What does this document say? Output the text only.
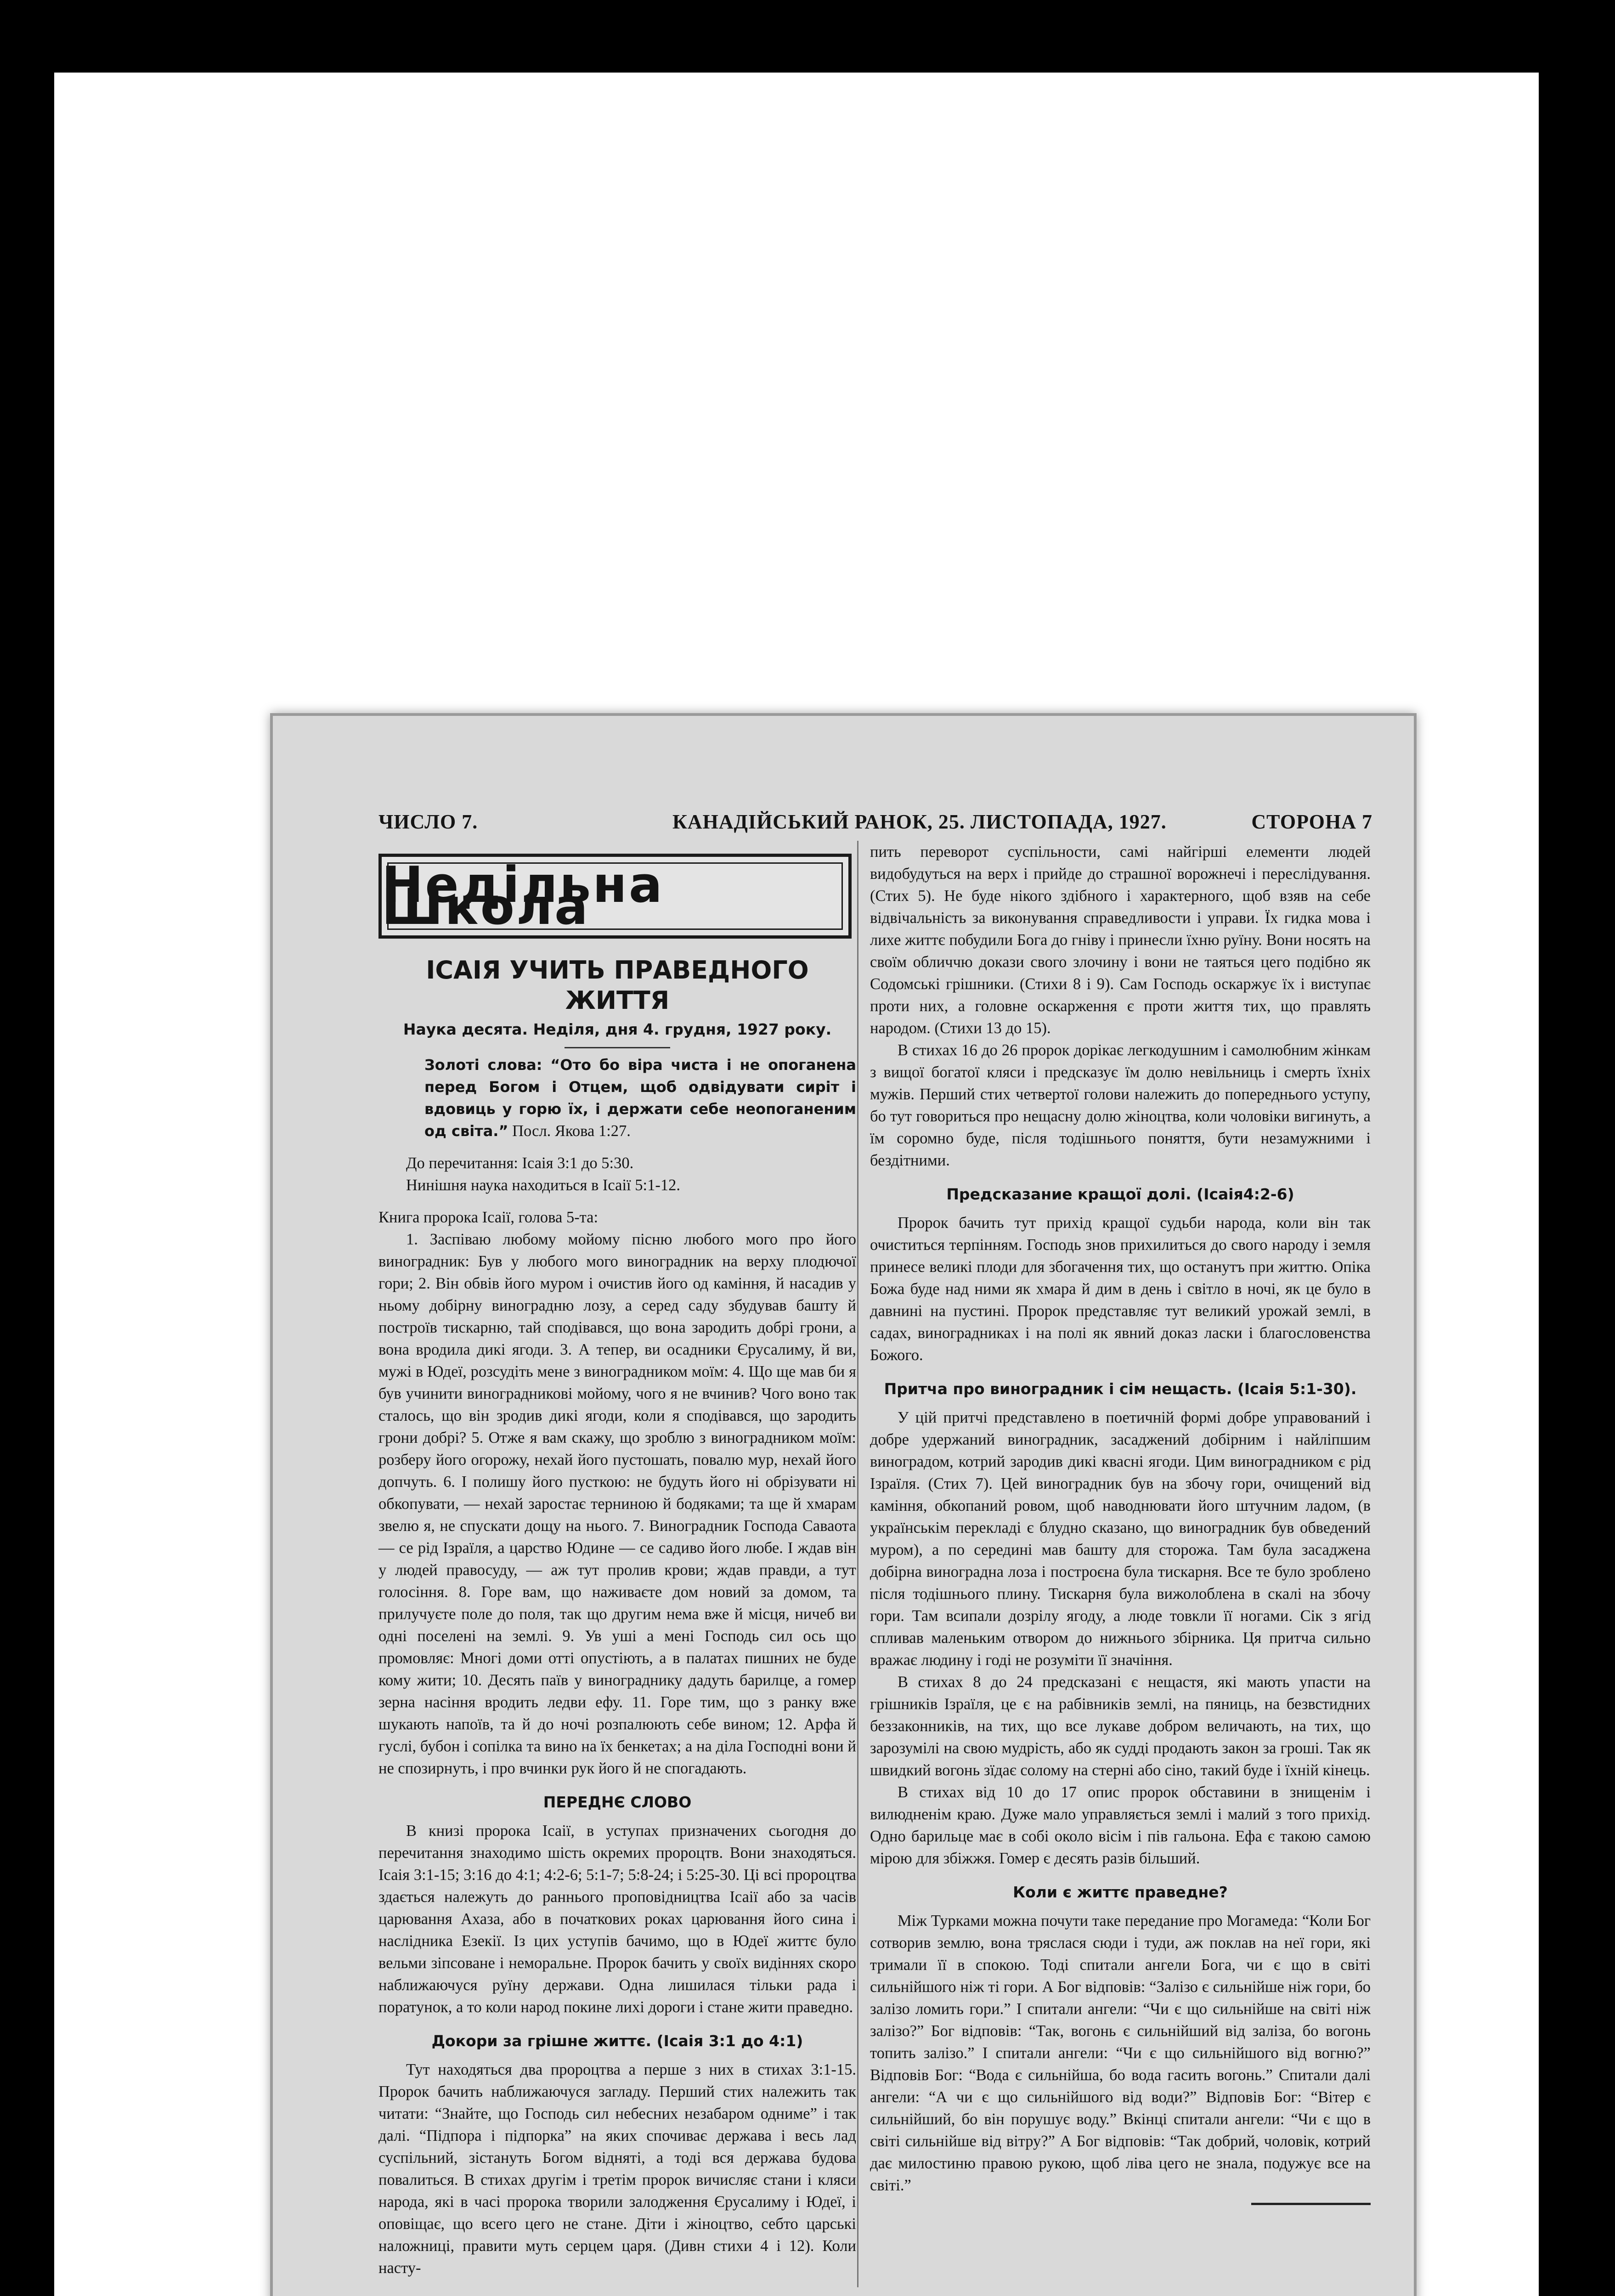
ЧИСЛО 7.	КАНАДІЙСЬКИЙ РАНОК, 25. ЛИСТОПАДА, 1927.	СТОРОНА 7
Недільна Школа
ІСАІЯ УЧИТЬ ПРАВЕДНОГО ЖИТТЯ
Наука десята. Неділя, дня 4. грудня, 1927 року.

Золоті слова: “Ото бо віра чиста і не опоганена перед Богом і Отцем, щоб одвідувати сиріт і вдовиць у горю їх, і держати себе неопоганеним од світа.” Посл. Якова 1:27.

До перечитання: Ісаія 3:1 до 5:30.

Нинішня наука находиться в Ісаії 5:1-12.

Книга пророка Ісаії, голова 5-та:

1. Заспіваю любому мойому пісню любого мого про його виноградник: Був у любого мого виноградник на верху плодючої гори; 2. Він обвів його муром і очистив його од каміння, й насадив у ньому добірну виноградню лозу, а серед саду збудував башту й построїв тискарню, тай сподівався, що вона зародить добрі грони, а вона вродила дикі ягоди. 3. А тепер, ви осадники Єрусалиму, й ви, мужі в Юдеї, розсудіть мене з виноградником моїм: 4. Що ще мав би я був учинити виноградникові мойому, чого я не вчинив? Чого воно так сталось, що він зродив дикі ягоди, коли я сподівався, що зародить грони добрі? 5. Отже я вам скажу, що зроблю з виноградником моїм: розберу його огорожу, нехай його пустошать, повалю мур, нехай його допчуть. 6. І полишу його пусткою: не будуть його ні обрізувати ні обкопувати, — нехай заростає терниною й бодяками; та ще й хмарам звелю я, не спускати дощу на нього. 7. Виноградник Господа Саваота — се рід Ізраїля, а царство Юдине — се садиво його любе. І ждав він у людей правосуду, — аж тут пролив крови; ждав правди, а тут голосіння. 8. Горе вам, що наживаєте дом новий за домом, та прилучуєте поле до поля, так що другим нема вже й місця, ничеб ви одні поселені на землі. 9. Ув уші а мені Господь сил ось що промовляє: Многі доми отті опустіють, а в палатах пишних не буде кому жити; 10. Десять паїв у винограднику дадуть барилце, а гомер зерна насіння вродить ледви ефу. 11. Горе тим, що з ранку вже шукають напоїв, та й до ночі розпалюють себе вином; 12. Арфа й гуслі, бубон і сопілка та вино на їх бенкетах; а на діла Господні вони й не спозирнуть, і про вчинки рук його й не спогадають.

ПЕРЕДНЄ СЛОВО

В книзі пророка Ісаії, в уступах призначених сьогодня до перечитання знаходимо шість окремих пророцтв. Вони знаходяться. Ісаія 3:1-15; 3:16 до 4:1; 4:2-6; 5:1-7; 5:8-24; і 5:25-30. Ці всі пророцтва здається належуть до раннього проповідництва Ісаії або за часів царювання Ахаза, або в початкових роках царювання його сина і наслідника Езекії. Із цих уступів бачимо, що в Юдеї життє було вельми зіпсоване і неморальне. Пророк бачить у своїх видіннях скоро наближаючуся руїну держави. Одна лишилася тільки рада і поратунок, а то коли народ покине лихі дороги і стане жити праведно.

Докори за грішне життє. (Ісаія 3:1 до 4:1)

Тут находяться два пророцтва а перше з них в стихах 3:1-15. Пророк бачить наближаючуся загладу. Перший стих належить так читати: “Знайте, що Господь сил небесних незабаром одниме” і так далі. “Підпора і підпорка” на яких спочиває держава і весь лад суспільний, зістануть Богом відняті, а тоді вся держава будова повалиться. В стихах другім і третім пророк вичисляє стани і кляси народа, які в часі пророка творили залодження Єрусалиму і Юдеї, і оповіщає, що всего цего не стане. Діти і жіноцтво, себто царські наложниці, правити муть серцем царя. (Дивн стихи 4 і 12). Коли насту-

пить переворот суспільности, самі найгірші елементи людей видобудуться на верх і прийде до страшної ворожнечі і переслідування. (Стих 5). Не буде нікого здібного і характерного, щоб взяв на себе відвічальність за виконування справедливости і управи. Їх гидка мова і лихе життє побудили Бога до гніву і принесли їхню руїну. Вони носять на своїм обличчю докази свого злочину і вони не таяться цего подібно як Содомські грішники. (Стихи 8 і 9). Сам Господь оскаржує їх і виступає проти них, а головне оскарження є проти життя тих, що правлять народом. (Стихи 13 до 15).

В стихах 16 до 26 пророк дорікає легкодушним і самолюбним жінкам з вищої богатої кляси і предсказує їм долю невільниць і смерть їхніх мужів. Перший стих четвертої голови належить до попереднього уступу, бо тут говориться про нещасну долю жіноцтва, коли чоловіки вигинуть, а їм соромно буде, після тодішнього поняття, бути незамужними і бездітними.

Предсказание кращої долі. (Ісаія4:2-6)

Пророк бачить тут прихід кращої судьби народа, коли він так очиститься терпінням. Господь знов прихилиться до свого народу і земля принесе великі плоди для збогачення тих, що останутъ при життю. Опіка Божа буде над ними як хмара й дим в день і світло в ночі, як це було в давнині на пустині. Пророк представляє тут великий урожай землі, в садах, виноградниках і на полі як явний доказ ласки і благословенства Божого.

Притча про виноградник і сім нещасть. (Ісаія 5:1-30).

У цій притчі представлено в поетичній формі добре управований і добре удержаний виноградник, засаджений добірним і найліпшим виноградом, котрий зародив дикі квасні ягоди. Цим виноградником є рід Ізраїля. (Стих 7). Цей виноградник був на збочу гори, очищений від каміння, обкопаний ровом, щоб наводнювати його штучним ладом, (в українськім перекладі є блудно сказано, що виноградник був обведений муром), а по середині мав башту для сторожа. Там була засаджена добірна виноградна лоза і построєна була тискарня. Все те було зроблено після тодішнього плину. Тискарня була вижолоблена в скалі на збочу гори. Там всипали дозрілу ягоду, а люде товкли її ногами. Сік з ягід спливав маленьким отвором до нижнього збірника. Ця притча сильно вражає людину і годі не розуміти її значіння.

В стихах 8 до 24 предсказані є нещастя, які мають упасти на грішників Ізраїля, це є на рабівників землі, на пяниць, на безвстидних беззаконників, на тих, що все лукаве добром величають, на тих, що зарозумілі на свою мудрість, або як судді продають закон за гроші. Так як швидкий вогонь зїдає солому на стерні або сіно, такий буде і їхній кінець.

В стихах від 10 до 17 опис пророк обставини в знищенім і вилюдненім краю. Дуже мало управляється землі і малий з того прихід. Одно барильце має в собі около вісім і пів гальона. Ефа є такою самою мірою для збіжжя. Гомер є десять разів більший.

Коли є життє праведне?

Між Турками можна почути таке передание про Могамеда: “Коли Бог сотворив землю, вона тряслася сюди і туди, аж поклав на неї гори, які тримали її в спокою. Тоді спитали ангели Бога, чи є що в світі сильнійшого ніж ті гори. А Бог відповів: “Залізо є сильнійше ніж гори, бо залізо ломить гори.” І спитали ангели: “Чи є що сильнійше на світі ніж залізо?” Бог відповів: “Так, вогонь є сильнійший від заліза, бо вогонь топить залізо.” І спитали ангели: “Чи є що сильнійшого від вогню?” Відповів Бог: “Вода є сильнійша, бо вода гасить вогонь.” Спитали далі ангели: “А чи є що сильнійшого від води?” Відповів Бог: “Вітер є сильнійший, бо він порушує воду.” Вкінці спитали ангели: “Чи є що в світі сильнійше від вітру?” А Бог відповів: “Так добрий, чоловік, котрий дає милостиню правою рукою, щоб ліва цего не знала, подужує все на світі.”
